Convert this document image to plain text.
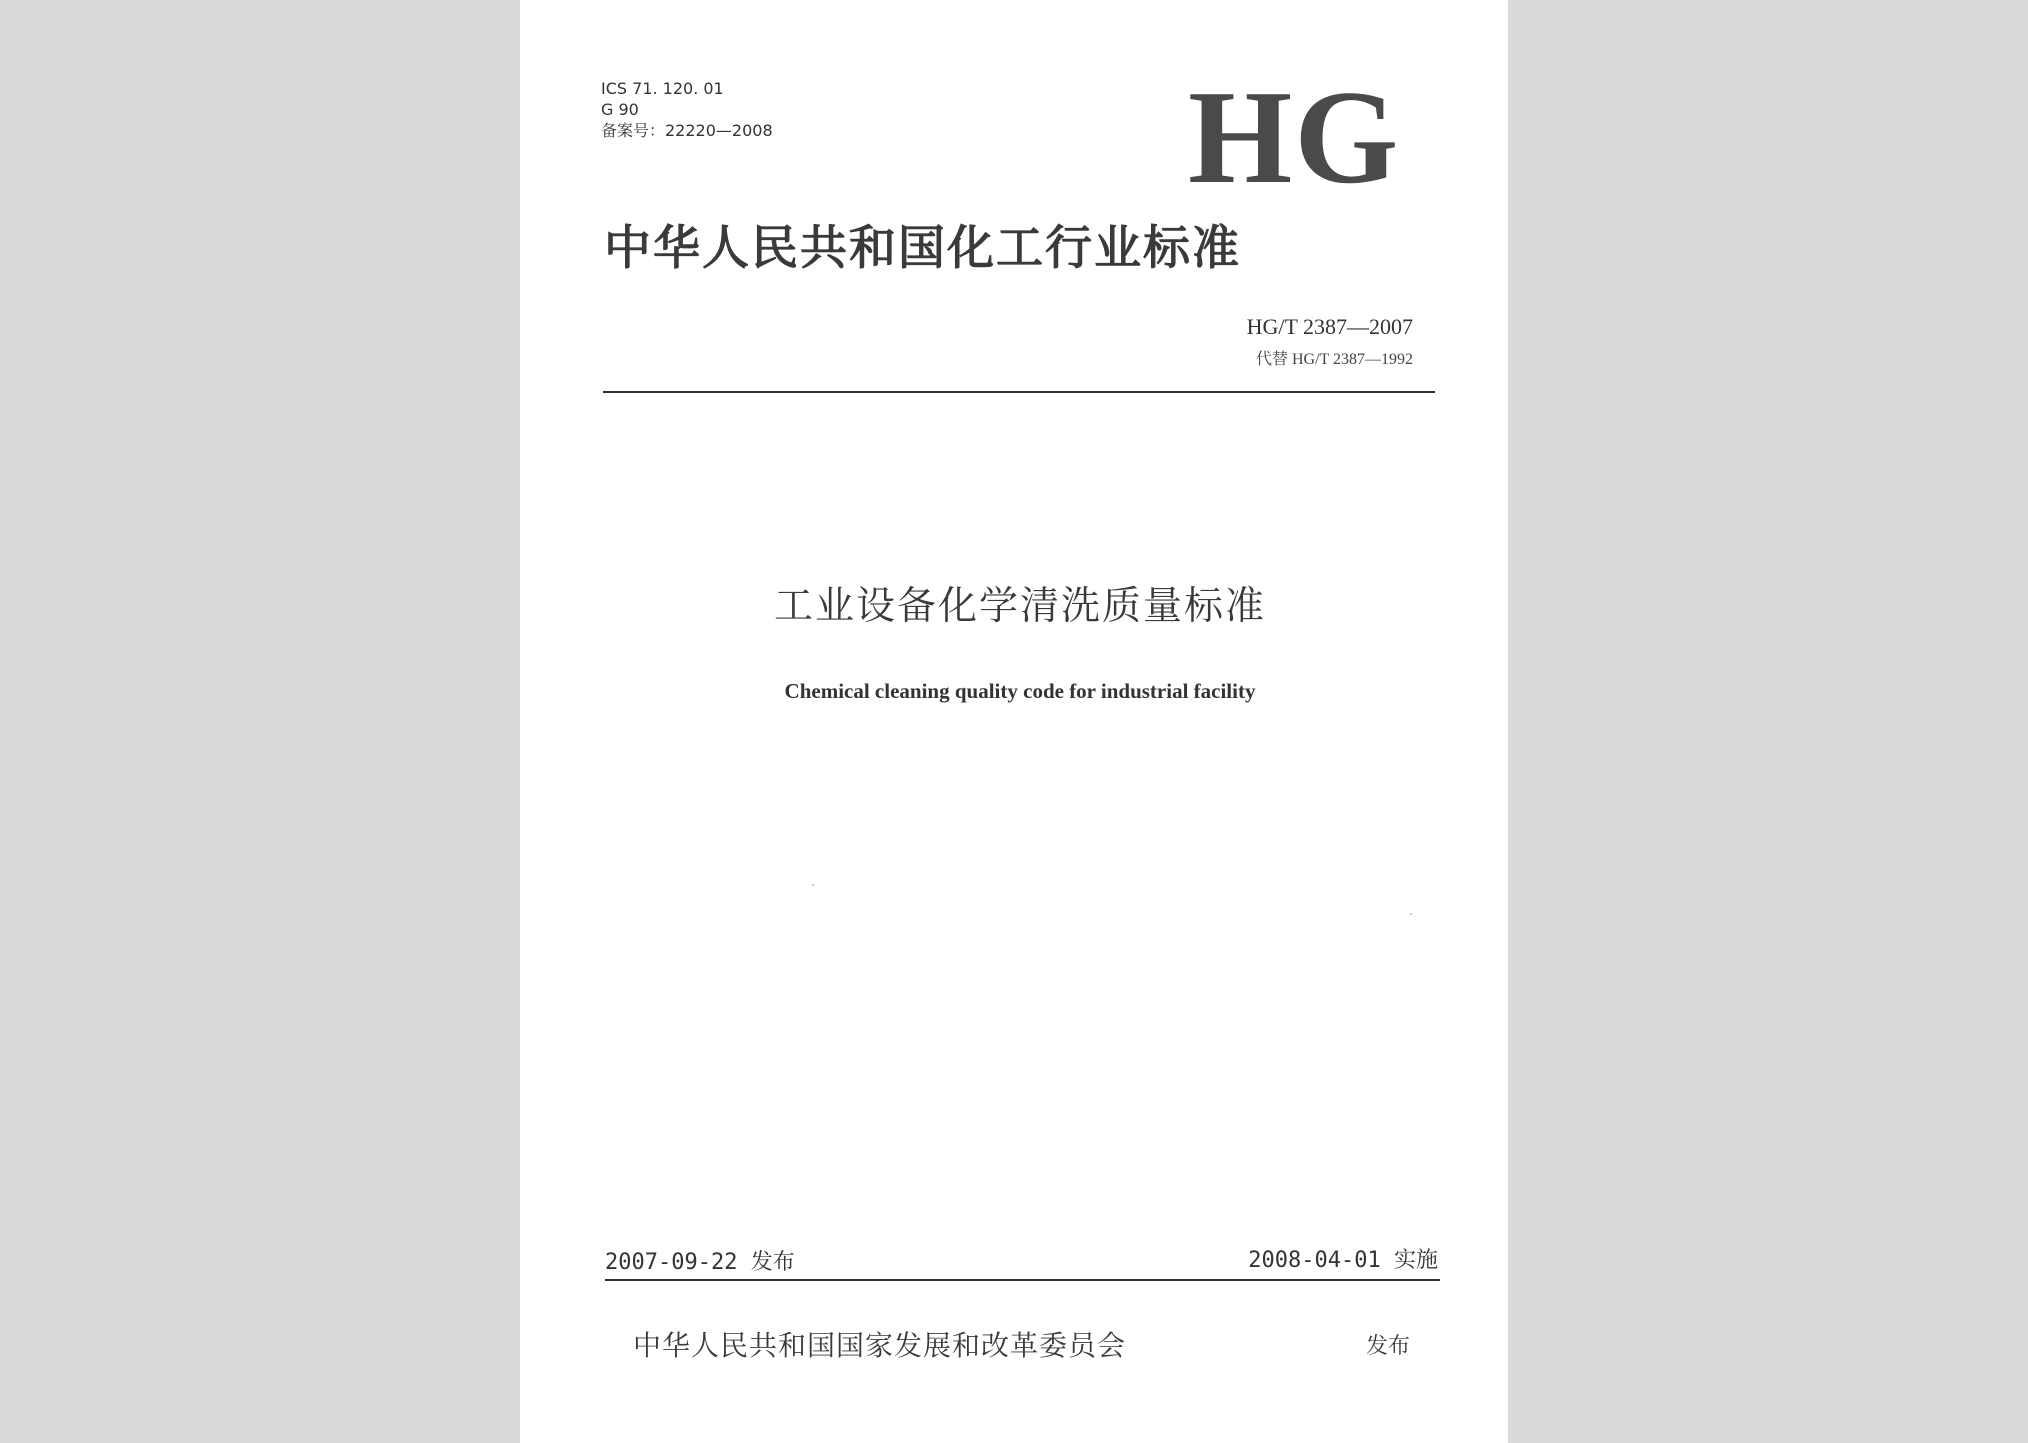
ICS 71. 120. 01
G 90
备案号：22220—2008	HG
中华人民共和国化工行业标准
HG/T 2387—2007
代替 HG/T 2387—1992
工业设备化学清洗质量标准
Chemical cleaning quality code for industrial facility
2007-09-22 发布	2008-04-01 实施
中华人民共和国国家发展和改革委员会	发布
